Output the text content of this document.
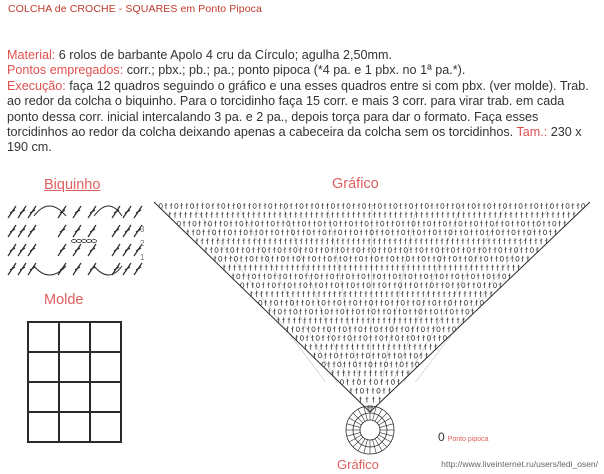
COLCHA de CROCHE - SQUARES em Ponto Pipoca
Material: 6 rolos de barbante Apolo 4 cru da Círculo; agulha 2,50mm.
Pontos empregados: corr.; pbx.; pb.; pa.; ponto pipoca (*4 pa. e 1 pbx. no 1ª pa.*).
Execução: faça 12 quadros seguindo o gráfico e una esses quadros entre si com pbx. (ver molde). Trab. ao redor da colcha o biquinho. Para o torcidinho faça 15 corr. e mais 3 corr. para virar trab. em cada ponto dessa corr. inicial intercalando 3 pa. e 2 pa., depois torça para dar o formato. Faça esses torcidinhos ao redor da colcha deixando apenas a cabeceira da colcha sem os torcidinhos. Tam.: 230 x 190 cm.
Biquinho
Molde
Gráfico
Gráfico
3
2
1

0 Ponto pipoca
http://www.liveinternet.ru/users/ledi_osen/
